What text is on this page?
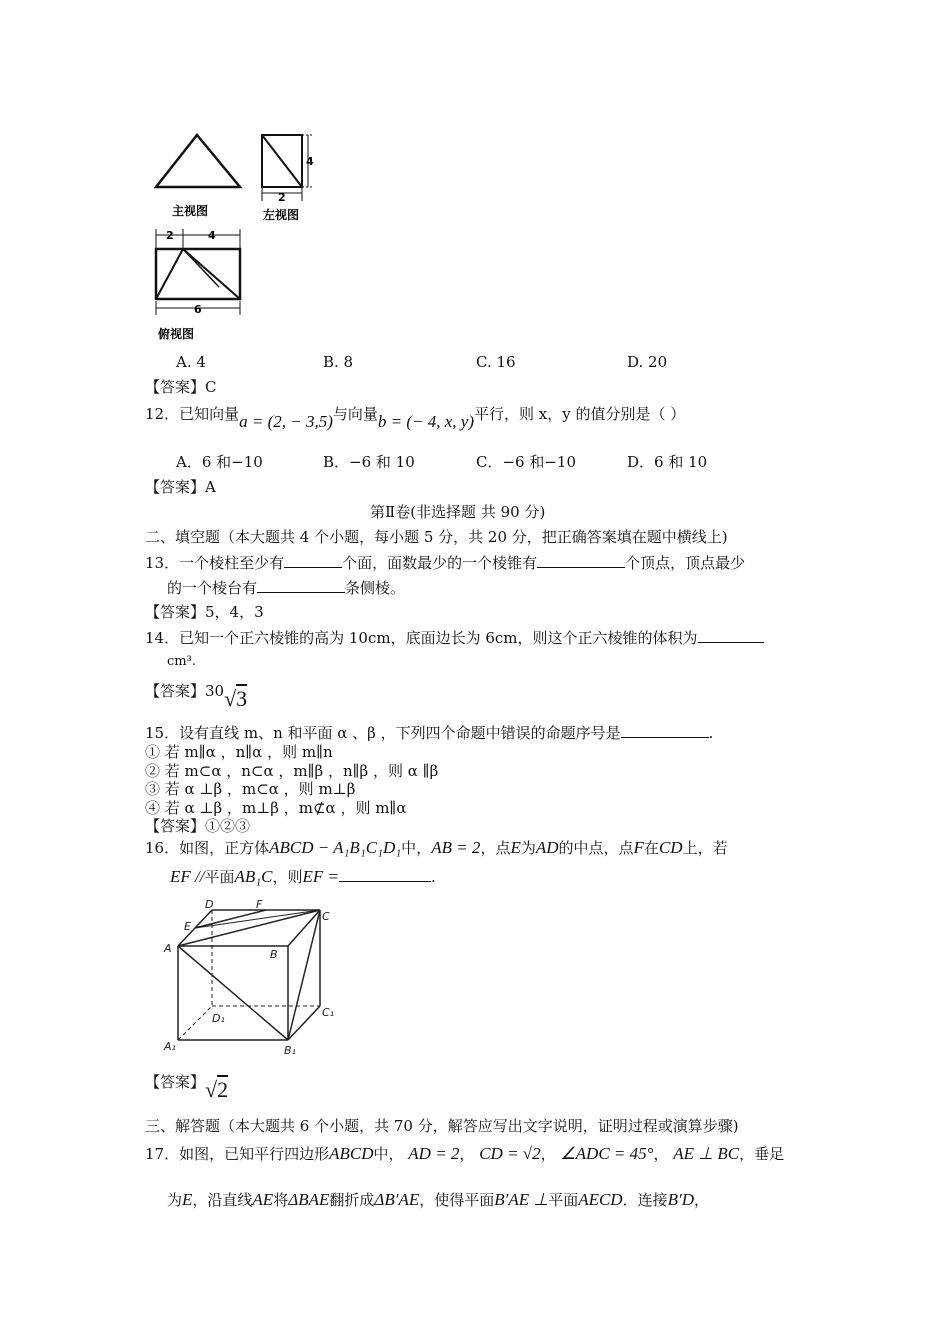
主视图
4
2
左视图
2	4
6
俯视图
A. 4	B. 8	C. 16	D. 20
【答案】C
12．已知向量a = (2, − 3,5)与向量b = (− 4, x, y)平行，则 x，y 的值分别是（ ）
A．6 和−10	B．−6 和 10	C．−6 和−10	D．6 和 10
【答案】A
第Ⅱ卷(非选择题 共 90 分)
二、填空题（本大题共 4 个小题，每小题 5 分，共 20 分，把正确答案填在题中横线上)
13．一个棱柱至少有	个面，面数最少的一个棱锥有	个顶点，顶点最少
的一个棱台有	条侧棱。
【答案】5，4，3
14．已知一个正六棱锥的高为 10cm，底面边长为 6cm，则这个正六棱锥的体积为
cm³.
【答案】30√3
15．设有直线 m、n 和平面 α 、β ，下列四个命题中错误的命题序号是	.
① 若 m∥α ，n∥α ，则 m∥n
② 若 m⊂α ，n⊂α ，m∥β ，n∥β ，则 α ∥β
③ 若 α ⊥β ，m⊂α ，则 m⊥β
④ 若 α ⊥β ，m⊥β ，m⊄α ，则 m∥α
【答案】①②③
16．如图，正方体ABCD − A₁B₁C₁D₁中，AB = 2，点E为AD的中点，点F在CD上，若
EF //平面AB₁C，则EF =	.
D	F
C
E
A	B
D₁	C₁
A₁	B₁
【答案】√2
三、解答题（本大题共 6 个小题，共 70 分，解答应写出文字说明，证明过程或演算步骤)
17．如图，已知平行四边形ABCD中， AD = 2， CD = √2， ∠ADC = 45°， AE ⊥ BC，垂足
为E，沿直线AE将ΔBAE翻折成ΔB′AE，使得平面B′AE ⊥平面AECD．连接B′D，
